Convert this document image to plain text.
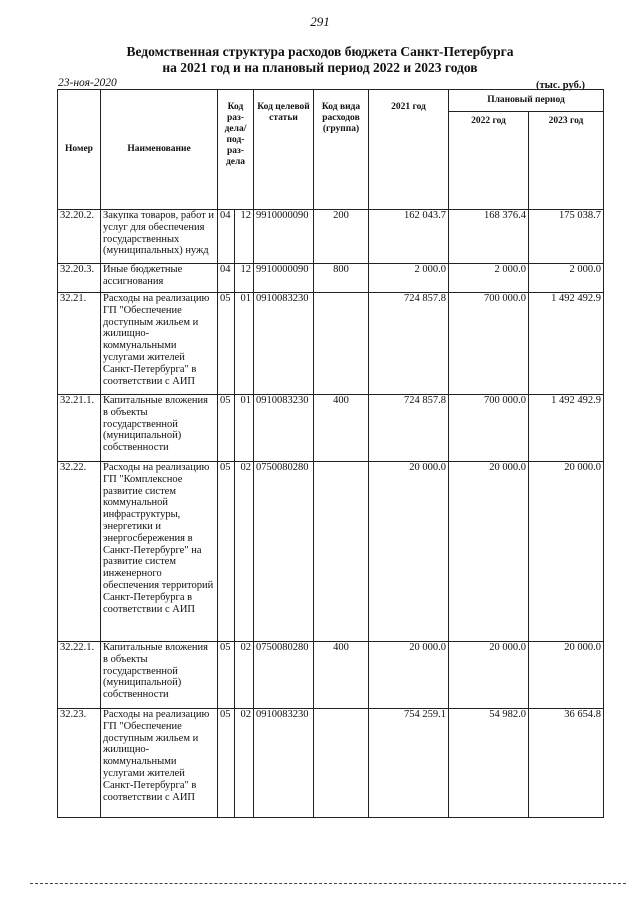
291
Ведомственная структура расходов бюджета Санкт-Петербурга
на 2021 год и на плановый период 2022 и 2023 годов
23-ноя-2020	(тыс. руб.)
Номер	Наименование	Код раз-дела/ под-раз-дела		Код целевой статьи	Код вида расходов (группа)	2021 год	Плановый период	
							2022 год	2023 год
32.20.2.	Закупка товаров, работ и услуг для обеспечения государственных (муниципальных) нужд	04	12	9910000090	200	162 043.7	168 376.4	175 038.7
32.20.3.	Иные бюджетные ассигнования	04	12	9910000090	800	2 000.0	2 000.0	2 000.0
32.21.	Расходы на реализацию ГП "Обеспечение доступным жильем и жилищно-коммунальными услугами жителей Санкт-Петербурга" в соответствии с АИП	05	01	0910083230		724 857.8	700 000.0	1 492 492.9
32.21.1.	Капитальные вложения в объекты государственной (муниципальной) собственности	05	01	0910083230	400	724 857.8	700 000.0	1 492 492.9
32.22.	Расходы на реализацию ГП "Комплексное развитие систем коммунальной инфраструктуры, энергетики и энергосбережения в Санкт-Петербурге" на развитие систем инженерного обеспечения территорий Санкт-Петербурга в соответствии с АИП	05	02	0750080280		20 000.0	20 000.0	20 000.0
32.22.1.	Капитальные вложения в объекты государственной (муниципальной) собственности	05	02	0750080280	400	20 000.0	20 000.0	20 000.0
32.23.	Расходы на реализацию ГП "Обеспечение доступным жильем и жилищно-коммунальными услугами жителей Санкт-Петербурга" в соответствии с АИП	05	02	0910083230		754 259.1	54 982.0	36 654.8
